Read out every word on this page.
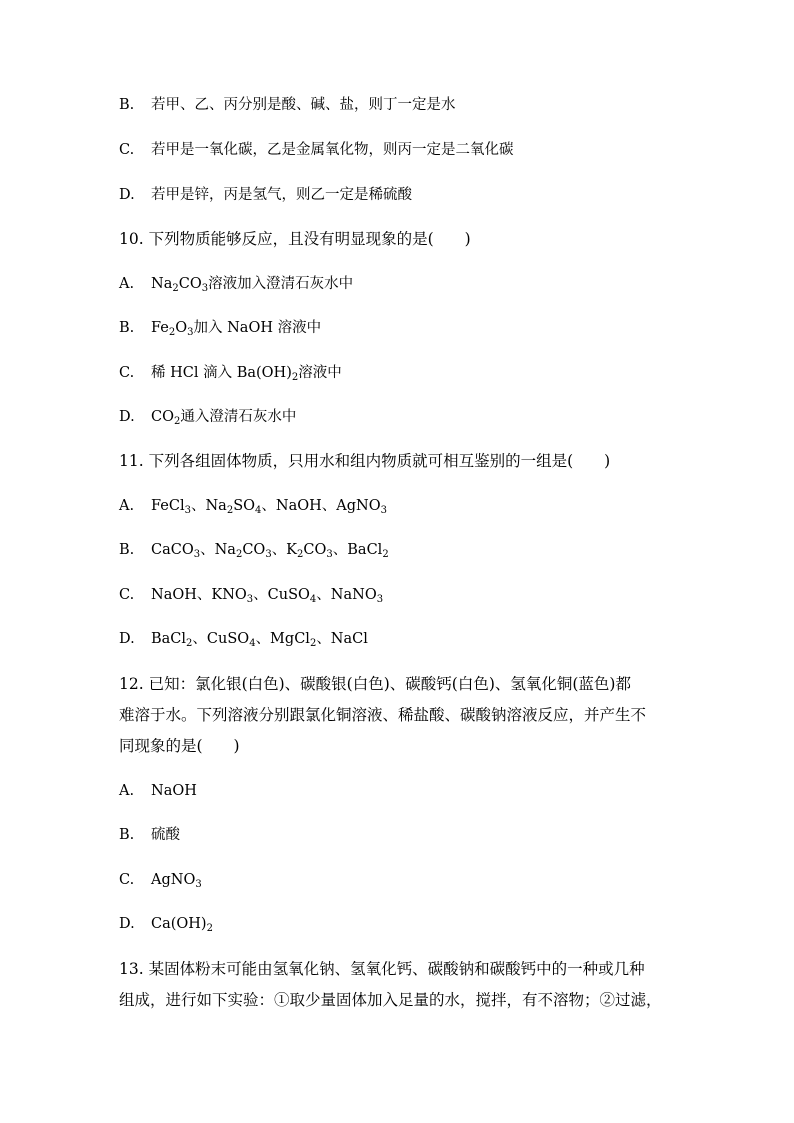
B. 若甲、乙、丙分别是酸、碱、盐，则丁一定是水
C. 若甲是一氧化碳，乙是金属氧化物，则丙一定是二氧化碳
D. 若甲是锌，丙是氢气，则乙一定是稀硫酸
10. 下列物质能够反应，且没有明显现象的是(　　)
A. $Na_2CO_3$溶液加入澄清石灰水中
B. $Fe_2O_3$加入 NaOH 溶液中
C. 稀 HCl 滴入 $Ba(OH)_2$溶液中
D. $CO_2$通入澄清石灰水中
11. 下列各组固体物质，只用水和组内物质就可相互鉴别的一组是(　　)
A. FeCl$_3$、$Na_2SO_4$、NaOH、AgNO$_3$
B. CaCO$_3$、$Na_2CO_3$、$K_2CO_3$、BaCl$_2$
C. NaOH、$KNO_3$、CuSO$_4$、NaNO$_3$
D. BaCl$_2$、CuSO$_4$、MgCl$_2$、NaCl
12. 已知：氯化银(白色)、碳酸银(白色)、碳酸钙(白色)、氢氧化铜(蓝色)都
难溶于水。下列溶液分别跟氯化铜溶液、稀盐酸、碳酸钠溶液反应，并产生不
同现象的是(　　)
A. NaOH
B. 硫酸
C. AgNO$_3$
D. $Ca(OH)_2$
13. 某固体粉末可能由氢氧化钠、氢氧化钙、碳酸钠和碳酸钙中的一种或几种
组成，进行如下实验：①取少量固体加入足量的水，搅拌，有不溶物；②过滤，
